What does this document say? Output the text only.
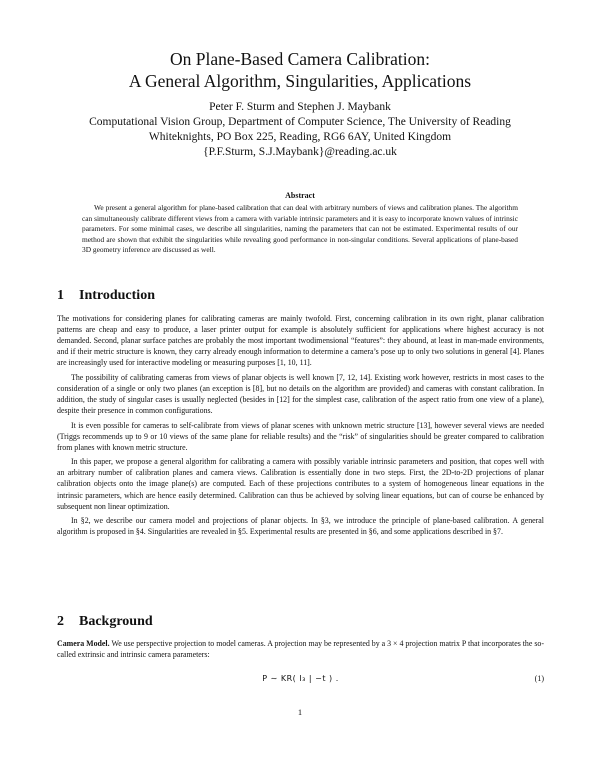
On Plane-Based Camera Calibration:
A General Algorithm, Singularities, Applications
Peter F. Sturm and Stephen J. Maybank
Computational Vision Group, Department of Computer Science, The University of Reading
Whiteknights, PO Box 225, Reading, RG6 6AY, United Kingdom
{P.F.Sturm, S.J.Maybank}@reading.ac.uk
Abstract
We present a general algorithm for plane-based calibration that can deal with arbitrary numbers of views and calibration planes. The algorithm can simultaneously calibrate different views from a camera with variable intrinsic parameters and it is easy to incorporate known values of intrinsic parameters. For some minimal cases, we describe all singularities, naming the parameters that can not be estimated. Experimental results of our method are shown that exhibit the singularities while revealing good performance in non-singular conditions. Several applications of plane-based 3D geometry inference are discussed as well.
1 Introduction

The motivations for considering planes for calibrating cameras are mainly twofold. First, concerning calibration in its own right, planar calibration patterns are cheap and easy to produce, a laser printer output for example is absolutely sufficient for applications where highest accuracy is not demanded. Second, planar surface patches are probably the most important twodimensional “features”: they abound, at least in man-made environments, and if their metric structure is known, they carry already enough information to determine a camera’s pose up to only two solutions in general [4]. Planes are increasingly used for interactive modeling or measuring purposes [1, 10, 11].

The possibility of calibrating cameras from views of planar objects is well known [7, 12, 14]. Existing work however, restricts in most cases to the consideration of a single or only two planes (an exception is [8], but no details on the algorithm are provided) and cameras with constant calibration. In addition, the study of singular cases is usually neglected (besides in [12] for the simplest case, calibration of the aspect ratio from one view of a plane), despite their presence in common configurations.

It is even possible for cameras to self-calibrate from views of planar scenes with unknown metric structure [13], however several views are needed (Triggs recommends up to 9 or 10 views of the same plane for reliable results) and the “risk” of singularities should be greater compared to calibration from planes with known metric structure.

In this paper, we propose a general algorithm for calibrating a camera with possibly variable intrinsic parameters and position, that copes well with an arbitrary number of calibration planes and camera views. Calibration is essentially done in two steps. First, the 2D-to-2D projections of planar calibration objects onto the image plane(s) are computed. Each of these projections contributes to a system of homogeneous linear equations in the intrinsic parameters, which are hence easily determined. Calibration can thus be achieved by solving linear equations, but can of course be enhanced by subsequent non linear optimization.

In §2, we describe our camera model and projections of planar objects. In §3, we introduce the principle of plane-based calibration. A general algorithm is proposed in §4. Singularities are revealed in §5. Experimental results are presented in §6, and some applications described in §7.

2 Background

Camera Model. We use perspective projection to model cameras. A projection may be represented by a 3 × 4 projection matrix P that incorporates the so-called extrinsic and intrinsic camera parameters:

P ∼ KR( I₃ | −t ) .	(1)
1
